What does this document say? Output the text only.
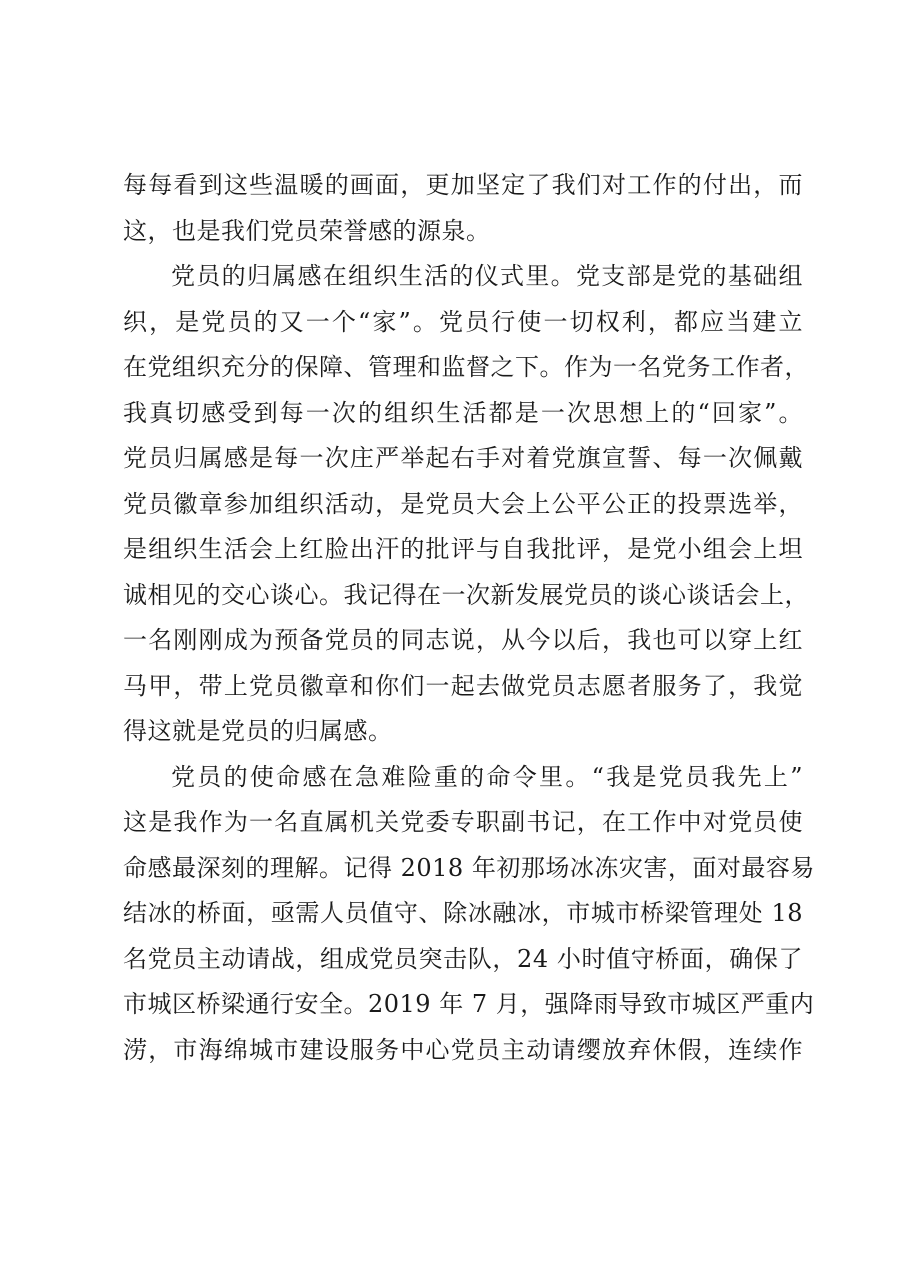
每每看到这些温暖的画面，更加坚定了我们对工作的付出，而
这，也是我们党员荣誉感的源泉。
党员的归属感在组织生活的仪式里。党支部是党的基础组
织，是党员的又一个“家”。党员行使一切权利，都应当建立
在党组织充分的保障、管理和监督之下。作为一名党务工作者，
我真切感受到每一次的组织生活都是一次思想上的“回家”。
党员归属感是每一次庄严举起右手对着党旗宣誓、每一次佩戴
党员徽章参加组织活动，是党员大会上公平公正的投票选举，
是组织生活会上红脸出汗的批评与自我批评，是党小组会上坦
诚相见的交心谈心。我记得在一次新发展党员的谈心谈话会上，
一名刚刚成为预备党员的同志说，从今以后，我也可以穿上红
马甲，带上党员徽章和你们一起去做党员志愿者服务了，我觉
得这就是党员的归属感。
党员的使命感在急难险重的命令里。“我是党员我先上”
这是我作为一名直属机关党委专职副书记，在工作中对党员使
命感最深刻的理解。记得 2018 年初那场冰冻灾害，面对最容易
结冰的桥面，亟需人员值守、除冰融冰，市城市桥梁管理处 18
名党员主动请战，组成党员突击队，24 小时值守桥面，确保了
市城区桥梁通行安全。2019 年 7 月，强降雨导致市城区严重内
涝，市海绵城市建设服务中心党员主动请缨放弃休假，连续作
